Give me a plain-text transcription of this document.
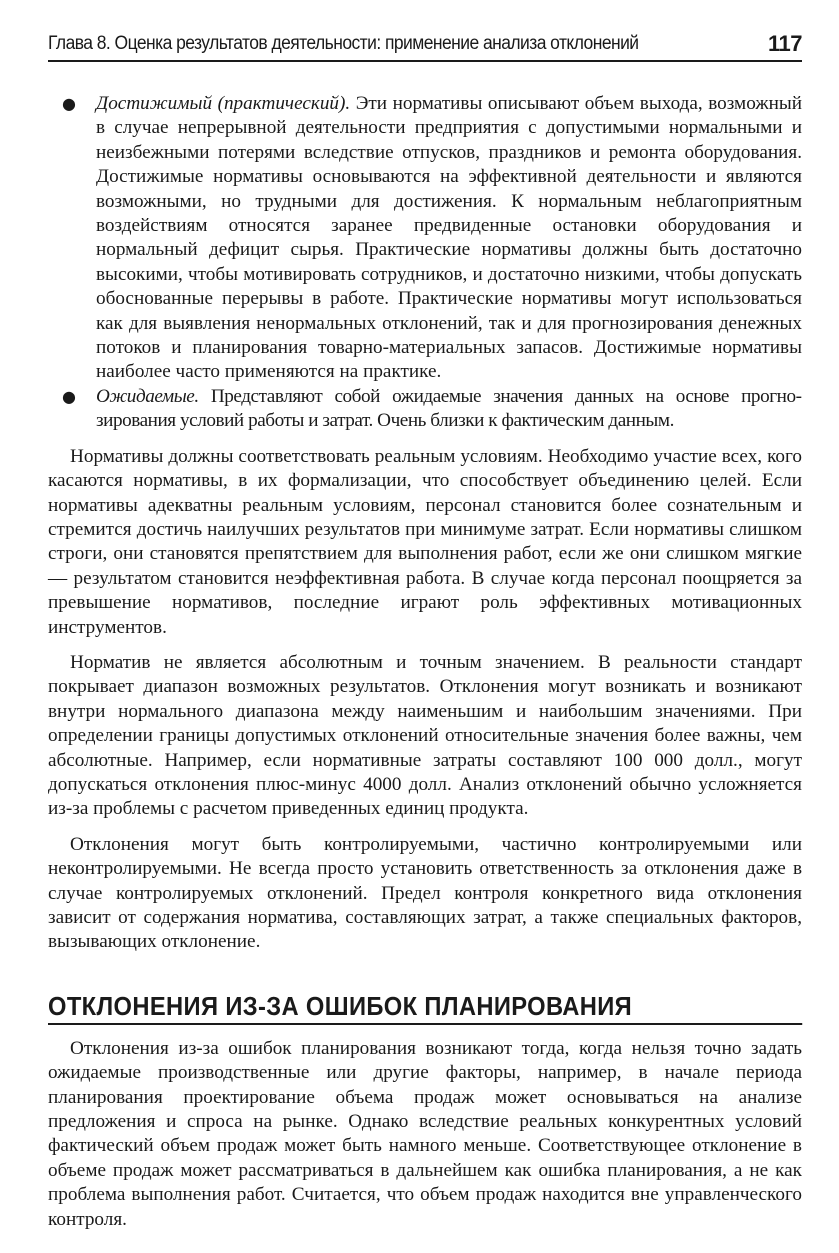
Глава 8. Оценка результатов деятельности: применение анализа отклонений	117
● Достижимый (практический). Эти нормативы описывают объем выхода, возможный в случае непрерывной деятельности предприятия с допустимыми нормальными и неизбежными потерями вследствие отпусков, праздников и ремонта оборудования. Достижимые нормативы основываются на эффективной деятельности и являются возможными, но трудными для достижения. К нормальным неблагоприятным воздействиям относятся заранее предвиденные остановки оборудования и нормальный дефицит сырья. Практические нормативы должны быть достаточно высокими, чтобы мотивировать сотрудников, и достаточно низкими, чтобы допускать обоснованные перерывы в работе. Практические нормативы могут использоваться как для выявления ненормальных отклонений, так и для прогнозирования денежных потоков и планирования товарно-материальных запасов. Достижимые нормативы наиболее часто применяются на практике.
● Ожидаемые. Представляют собой ожидаемые значения данных на основе прогнозирования условий работы и затрат. Очень близки к фактическим данным.

Нормативы должны соответствовать реальным условиям. Необходимо участие всех, кого касаются нормативы, в их формализации, что способствует объединению целей. Если нормативы адекватны реальным условиям, персонал становится более сознательным и стремится достичь наилучших результатов при минимуме затрат. Если нормативы слишком строги, они становятся препятствием для выполнения работ, если же они слишком мягкие — результатом становится неэффективная работа. В случае когда персонал поощряется за превышение нормативов, последние играют роль эффективных мотивационных инструментов.

Норматив не является абсолютным и точным значением. В реальности стандарт покрывает диапазон возможных результатов. Отклонения могут возникать и возникают внутри нормального диапазона между наименьшим и наибольшим значениями. При определении границы допустимых отклонений относительные значения более важны, чем абсолютные. Например, если нормативные затраты составляют 100 000 долл., могут допускаться отклонения плюс-минус 4000 долл. Анализ отклонений обычно усложняется из-за проблемы с расчетом приведенных единиц продукта.

Отклонения могут быть контролируемыми, частично контролируемыми или неконтролируемыми. Не всегда просто установить ответственность за отклонения даже в случае контролируемых отклонений. Предел контроля конкретного вида отклонения зависит от содержания норматива, составляющих затрат, а также специальных факторов, вызывающих отклонение.

ОТКЛОНЕНИЯ ИЗ-ЗА ОШИБОК ПЛАНИРОВАНИЯ

Отклонения из-за ошибок планирования возникают тогда, когда нельзя точно задать ожидаемые производственные или другие факторы, например, в начале периода планирования проектирование объема продаж может основываться на анализе предложения и спроса на рынке. Однако вследствие реальных конкурентных условий фактический объем продаж может быть намного меньше. Соответствующее отклонение в объеме продаж может рассматриваться в дальнейшем как ошибка планирования, а не как проблема выполнения работ. Считается, что объем продаж находится вне управленческого контроля.
